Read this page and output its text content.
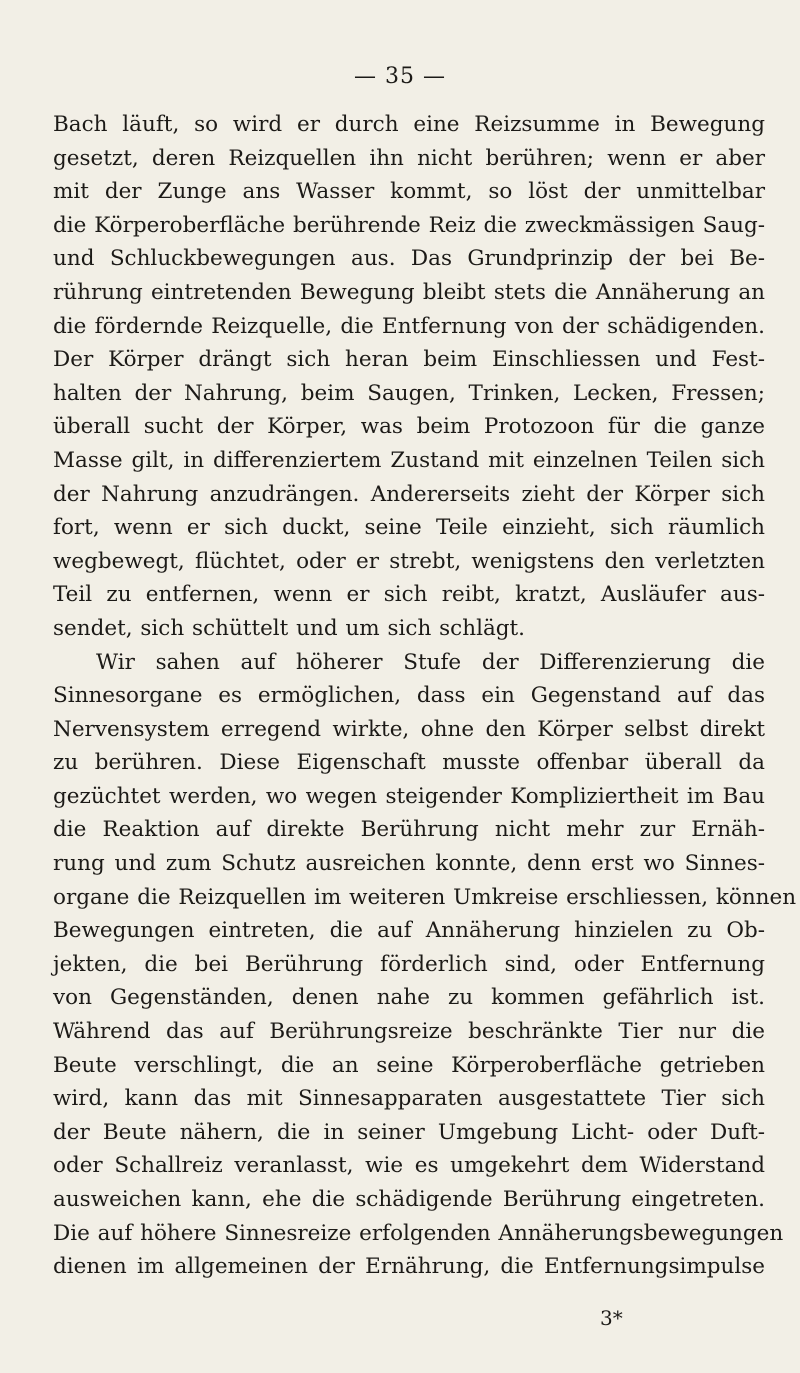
— 35 —
Bach läuft, so wird er durch eine Reizsumme in Bewegung
gesetzt, deren Reizquellen ihn nicht berühren; wenn er aber
mit der Zunge ans Wasser kommt, so löst der unmittelbar
die Körperoberfläche berührende Reiz die zweckmässigen Saug-
und Schluckbewegungen aus. Das Grundprinzip der bei Be-
rührung eintretenden Bewegung bleibt stets die Annäherung an
die fördernde Reizquelle, die Entfernung von der schädigenden.
Der Körper drängt sich heran beim Einschliessen und Fest-
halten der Nahrung, beim Saugen, Trinken, Lecken, Fressen;
überall sucht der Körper, was beim Protozoon für die ganze
Masse gilt, in differenziertem Zustand mit einzelnen Teilen sich
der Nahrung anzudrängen. Andererseits zieht der Körper sich
fort, wenn er sich duckt, seine Teile einzieht, sich räumlich
wegbewegt, flüchtet, oder er strebt, wenigstens den verletzten
Teil zu entfernen, wenn er sich reibt, kratzt, Ausläufer aus-
sendet, sich schüttelt und um sich schlägt.
Wir sahen auf höherer Stufe der Differenzierung die
Sinnesorgane es ermöglichen, dass ein Gegenstand auf das
Nervensystem erregend wirkte, ohne den Körper selbst direkt
zu berühren. Diese Eigenschaft musste offenbar überall da
gezüchtet werden, wo wegen steigender Kompliziertheit im Bau
die Reaktion auf direkte Berührung nicht mehr zur Ernäh-
rung und zum Schutz ausreichen konnte, denn erst wo Sinnes-
organe die Reizquellen im weiteren Umkreise erschliessen, können
Bewegungen eintreten, die auf Annäherung hinzielen zu Ob-
jekten, die bei Berührung förderlich sind, oder Entfernung
von Gegenständen, denen nahe zu kommen gefährlich ist.
Während das auf Berührungsreize beschränkte Tier nur die
Beute verschlingt, die an seine Körperoberfläche getrieben
wird, kann das mit Sinnesapparaten ausgestattete Tier sich
der Beute nähern, die in seiner Umgebung Licht- oder Duft-
oder Schallreiz veranlasst, wie es umgekehrt dem Widerstand
ausweichen kann, ehe die schädigende Berührung eingetreten.
Die auf höhere Sinnesreize erfolgenden Annäherungsbewegungen
dienen im allgemeinen der Ernährung, die Entfernungsimpulse
3*
